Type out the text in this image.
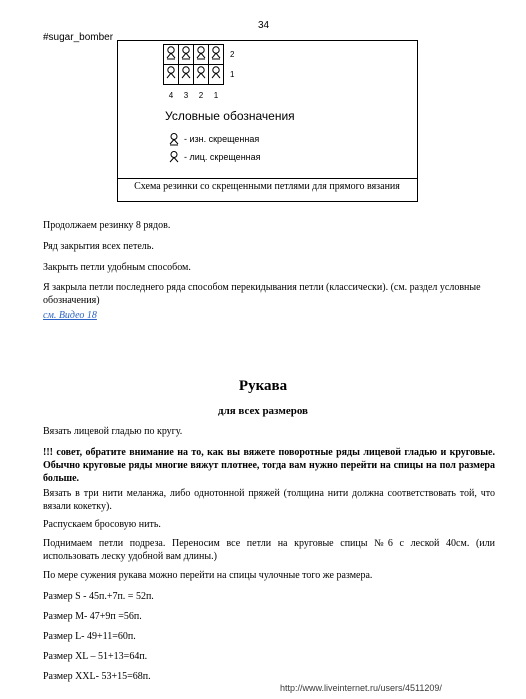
34
#sugar_bomber
				2
				1
4	3	2	1	
Условные обозначения
- изн. скрещенная
- лиц. скрещенная
Схема резинки со скрещенными петлями для прямого вязания
Продолжаем резинку 8 рядов.
Ряд закрытия всех петель.
Закрыть петли удобным способом.
Я закрыла петли последнего ряда способом перекидывания петли (классически). (см. раздел условные обозначения)
см. Видео 18
Рукава
для всех размеров
Вязать лицевой гладью по кругу.
!!! совет, обратите внимание на то, как вы вяжете поворотные ряды лицевой гладью и круговые. Обычно круговые ряды многие вяжут плотнее, тогда вам нужно перейти на спицы на пол размера больше.
Вязать в три нити меланжа, либо однотонной пряжей (толщина нити должна соответствовать той, что вязали кокетку).
Распускаем бросовую нить.
Поднимаем петли подреза. Переносим все петли на круговые спицы №6 с леской 40см. (или использовать леску удобной вам длины.)
По мере сужения рукава можно перейти на спицы чулочные того же размера.
Размер S - 45п.+7п. = 52п.
Размер M- 47+9п =56п.
Размер L- 49+11=60п.
Размер XL – 51+13=64п.
Размер XXL- 53+15=68п.
http://www.liveinternet.ru/users/4511209/
